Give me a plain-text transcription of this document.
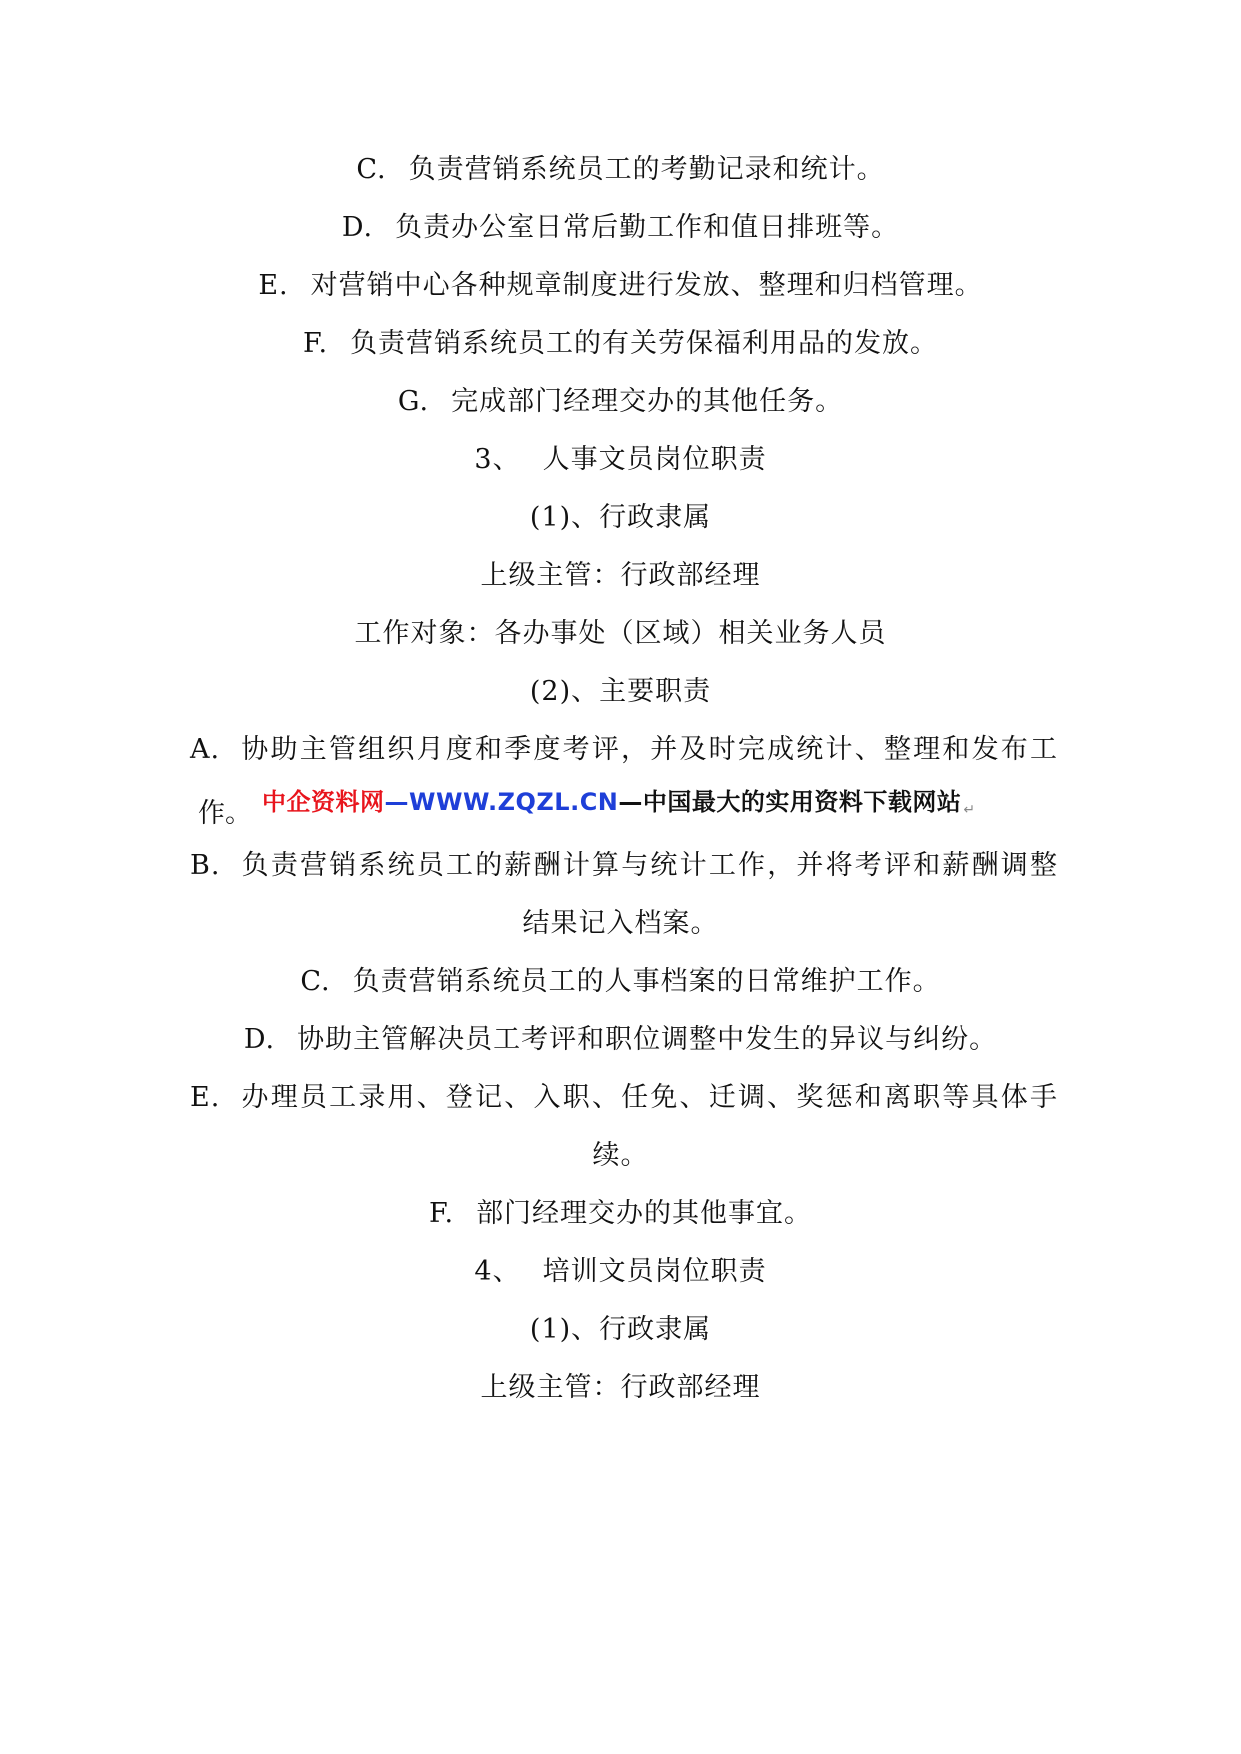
C. 负责营销系统员工的考勤记录和统计。
D. 负责办公室日常后勤工作和值日排班等。
E. 对营销中心各种规章制度进行发放、整理和归档管理。
F. 负责营销系统员工的有关劳保福利用品的发放。
G. 完成部门经理交办的其他任务。
3、 人事文员岗位职责
(1)、行政隶属
上级主管：行政部经理
工作对象：各办事处（区域）相关业务人员
(2)、主要职责
A. 协助主管组织月度和季度考评，并及时完成统计、整理和发布工
作。 中企资料网—WWW.ZQZL.CN—中国最大的实用资料下载网站 ↵
B. 负责营销系统员工的薪酬计算与统计工作，并将考评和薪酬调整
结果记入档案。
C. 负责营销系统员工的人事档案的日常维护工作。
D. 协助主管解决员工考评和职位调整中发生的异议与纠纷。
E. 办理员工录用、登记、入职、任免、迁调、奖惩和离职等具体手
续。
F. 部门经理交办的其他事宜。
4、 培训文员岗位职责
(1)、行政隶属
上级主管：行政部经理
